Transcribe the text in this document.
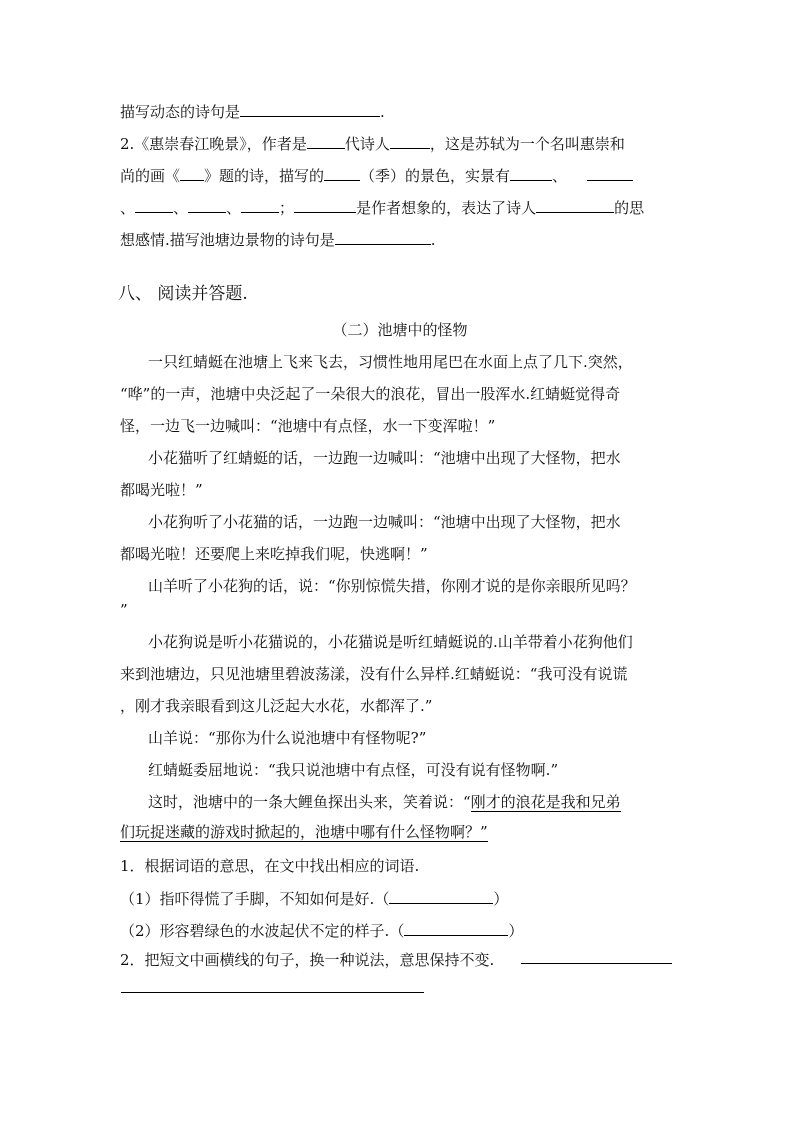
描写动态的诗句是	.
2.《惠崇春江晚景》，作者是	代诗人	，这是苏轼为一个名叫惠崇和
尚的画《 》题的诗，描写的 （季）的景色，实景有	、
、	、	、	；	是作者想象的，表达了诗人	的思
想感情.描写池塘边景物的诗句是	.
八、 阅读并答题.
（二）池塘中的怪物
一只红蜻蜓在池塘上飞来飞去，习惯性地用尾巴在水面上点了几下.突然，
“哗”的一声，池塘中央泛起了一朵很大的浪花，冒出一股浑水.红蜻蜓觉得奇
怪，一边飞一边喊叫：“池塘中有点怪，水一下变浑啦！”
小花猫听了红蜻蜓的话，一边跑一边喊叫：“池塘中出现了大怪物，把水
都喝光啦！”
小花狗听了小花猫的话，一边跑一边喊叫：“池塘中出现了大怪物，把水
都喝光啦！还要爬上来吃掉我们呢，快逃啊！”
山羊听了小花狗的话，说：“你别惊慌失措，你刚才说的是你亲眼所见吗？
”
小花狗说是听小花猫说的，小花猫说是听红蜻蜓说的.山羊带着小花狗他们
来到池塘边，只见池塘里碧波荡漾，没有什么异样.红蜻蜓说：“我可没有说谎
，刚才我亲眼看到这儿泛起大水花，水都浑了.”
山羊说：“那你为什么说池塘中有怪物呢?”
红蜻蜓委屈地说：“我只说池塘中有点怪，可没有说有怪物啊.”
这时，池塘中的一条大鲤鱼探出头来，笑着说：“刚才的浪花是我和兄弟
们玩捉迷藏的游戏时掀起的，池塘中哪有什么怪物啊？”
1．根据词语的意思，在文中找出相应的词语.
（1）指吓得慌了手脚，不知如何是好.（	）
（2）形容碧绿色的水波起伏不定的样子.（	）
2．把短文中画横线的句子，换一种说法，意思保持不变.
